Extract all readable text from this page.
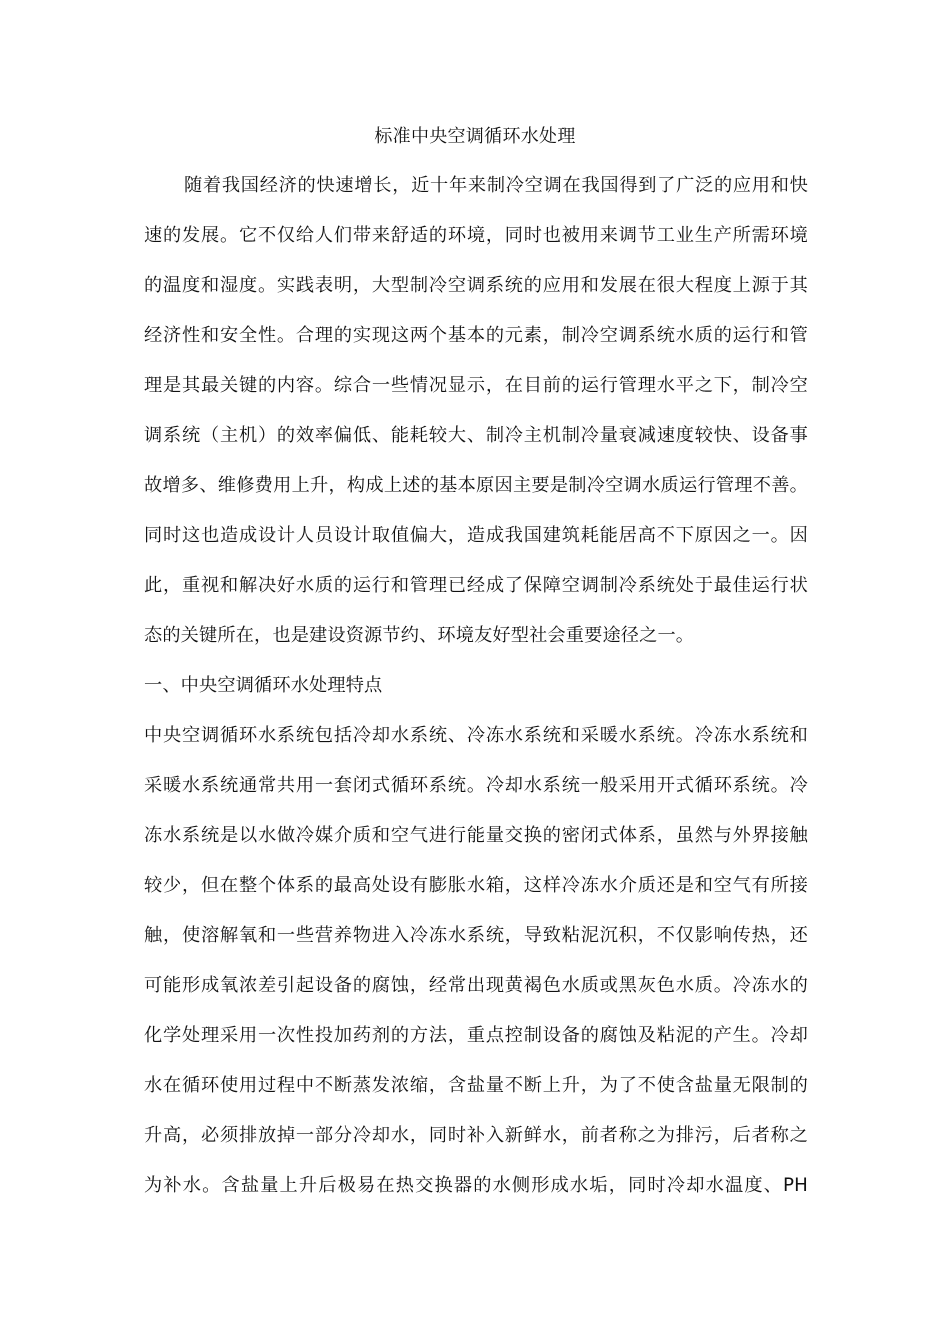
标准中央空调循环水处理
随着我国经济的快速增长，近十年来制冷空调在我国得到了广泛的应用和快
速的发展。它不仅给人们带来舒适的环境，同时也被用来调节工业生产所需环境
的温度和湿度。实践表明，大型制冷空调系统的应用和发展在很大程度上源于其
经济性和安全性。合理的实现这两个基本的元素，制冷空调系统水质的运行和管
理是其最关键的内容。综合一些情况显示，在目前的运行管理水平之下，制冷空
调系统（主机）的效率偏低、能耗较大、制冷主机制冷量衰减速度较快、设备事
故增多、维修费用上升，构成上述的基本原因主要是制冷空调水质运行管理不善。
同时这也造成设计人员设计取值偏大，造成我国建筑耗能居高不下原因之一。因
此，重视和解决好水质的运行和管理已经成了保障空调制冷系统处于最佳运行状
态的关键所在，也是建设资源节约、环境友好型社会重要途径之一。
一、中央空调循环水处理特点
中央空调循环水系统包括冷却水系统、冷冻水系统和采暖水系统。冷冻水系统和
采暖水系统通常共用一套闭式循环系统。冷却水系统一般采用开式循环系统。冷
冻水系统是以水做冷媒介质和空气进行能量交换的密闭式体系，虽然与外界接触
较少，但在整个体系的最高处设有膨胀水箱，这样冷冻水介质还是和空气有所接
触，使溶解氧和一些营养物进入冷冻水系统，导致粘泥沉积，不仅影响传热，还
可能形成氧浓差引起设备的腐蚀，经常出现黄褐色水质或黑灰色水质。冷冻水的
化学处理采用一次性投加药剂的方法，重点控制设备的腐蚀及粘泥的产生。冷却
水在循环使用过程中不断蒸发浓缩，含盐量不断上升，为了不使含盐量无限制的
升高，必须排放掉一部分冷却水，同时补入新鲜水，前者称之为排污，后者称之
为补水。含盐量上升后极易在热交换器的水侧形成水垢，同时冷却水温度、PH
